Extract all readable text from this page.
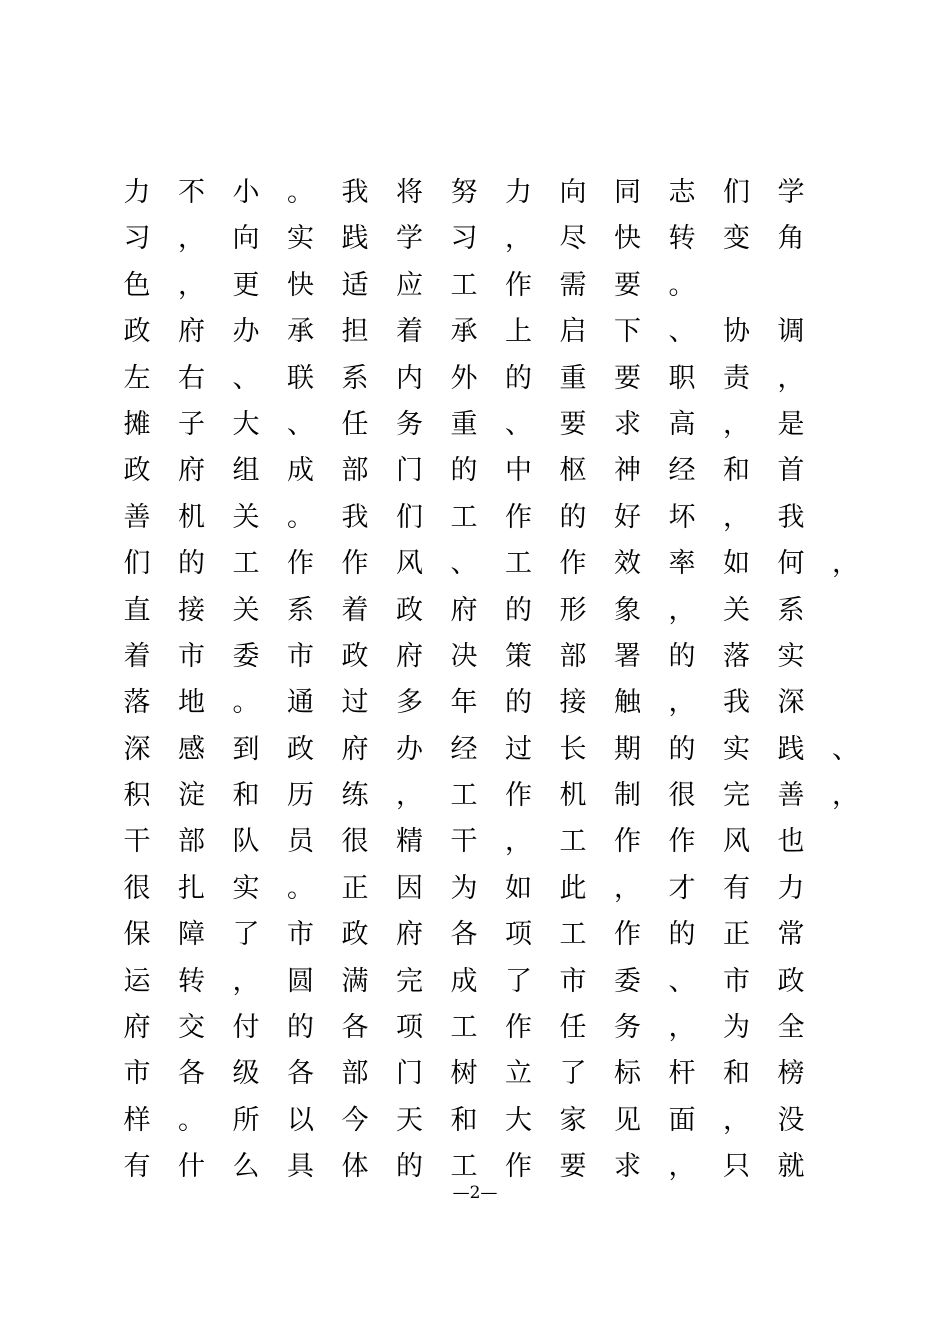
力 不 小 。 我 将 努 力 向 同 志 们 学
习 ， 向 实 践 学 习 ， 尽 快 转 变 角
色 ， 更 快 适 应 工 作 需 要 。
政 府 办 承 担 着 承 上 启 下 、 协 调
左 右 、 联 系 内 外 的 重 要 职 责 ，
摊 子 大 、 任 务 重 、 要 求 高 ， 是
政 府 组 成 部 门 的 中 枢 神 经 和 首
善 机 关 。 我 们 工 作 的 好 坏 ， 我
们 的 工 作 作 风 、 工 作 效 率 如 何 ，
直 接 关 系 着 政 府 的 形 象 ， 关 系
着 市 委 市 政 府 决 策 部 署 的 落 实
落 地 。 通 过 多 年 的 接 触 ， 我 深
深 感 到 政 府 办 经 过 长 期 的 实 践 、
积 淀 和 历 练 ， 工 作 机 制 很 完 善 ，
干 部 队 员 很 精 干 ， 工 作 作 风 也
很 扎 实 。 正 因 为 如 此 ， 才 有 力
保 障 了 市 政 府 各 项 工 作 的 正 常
运 转 ， 圆 满 完 成 了 市 委 、 市 政
府 交 付 的 各 项 工 作 任 务 ， 为 全
市 各 级 各 部 门 树 立 了 标 杆 和 榜
样 。 所 以 今 天 和 大 家 见 面 ， 没
有 什 么 具 体 的 工 作 要 求 ， 只 就
—2—
